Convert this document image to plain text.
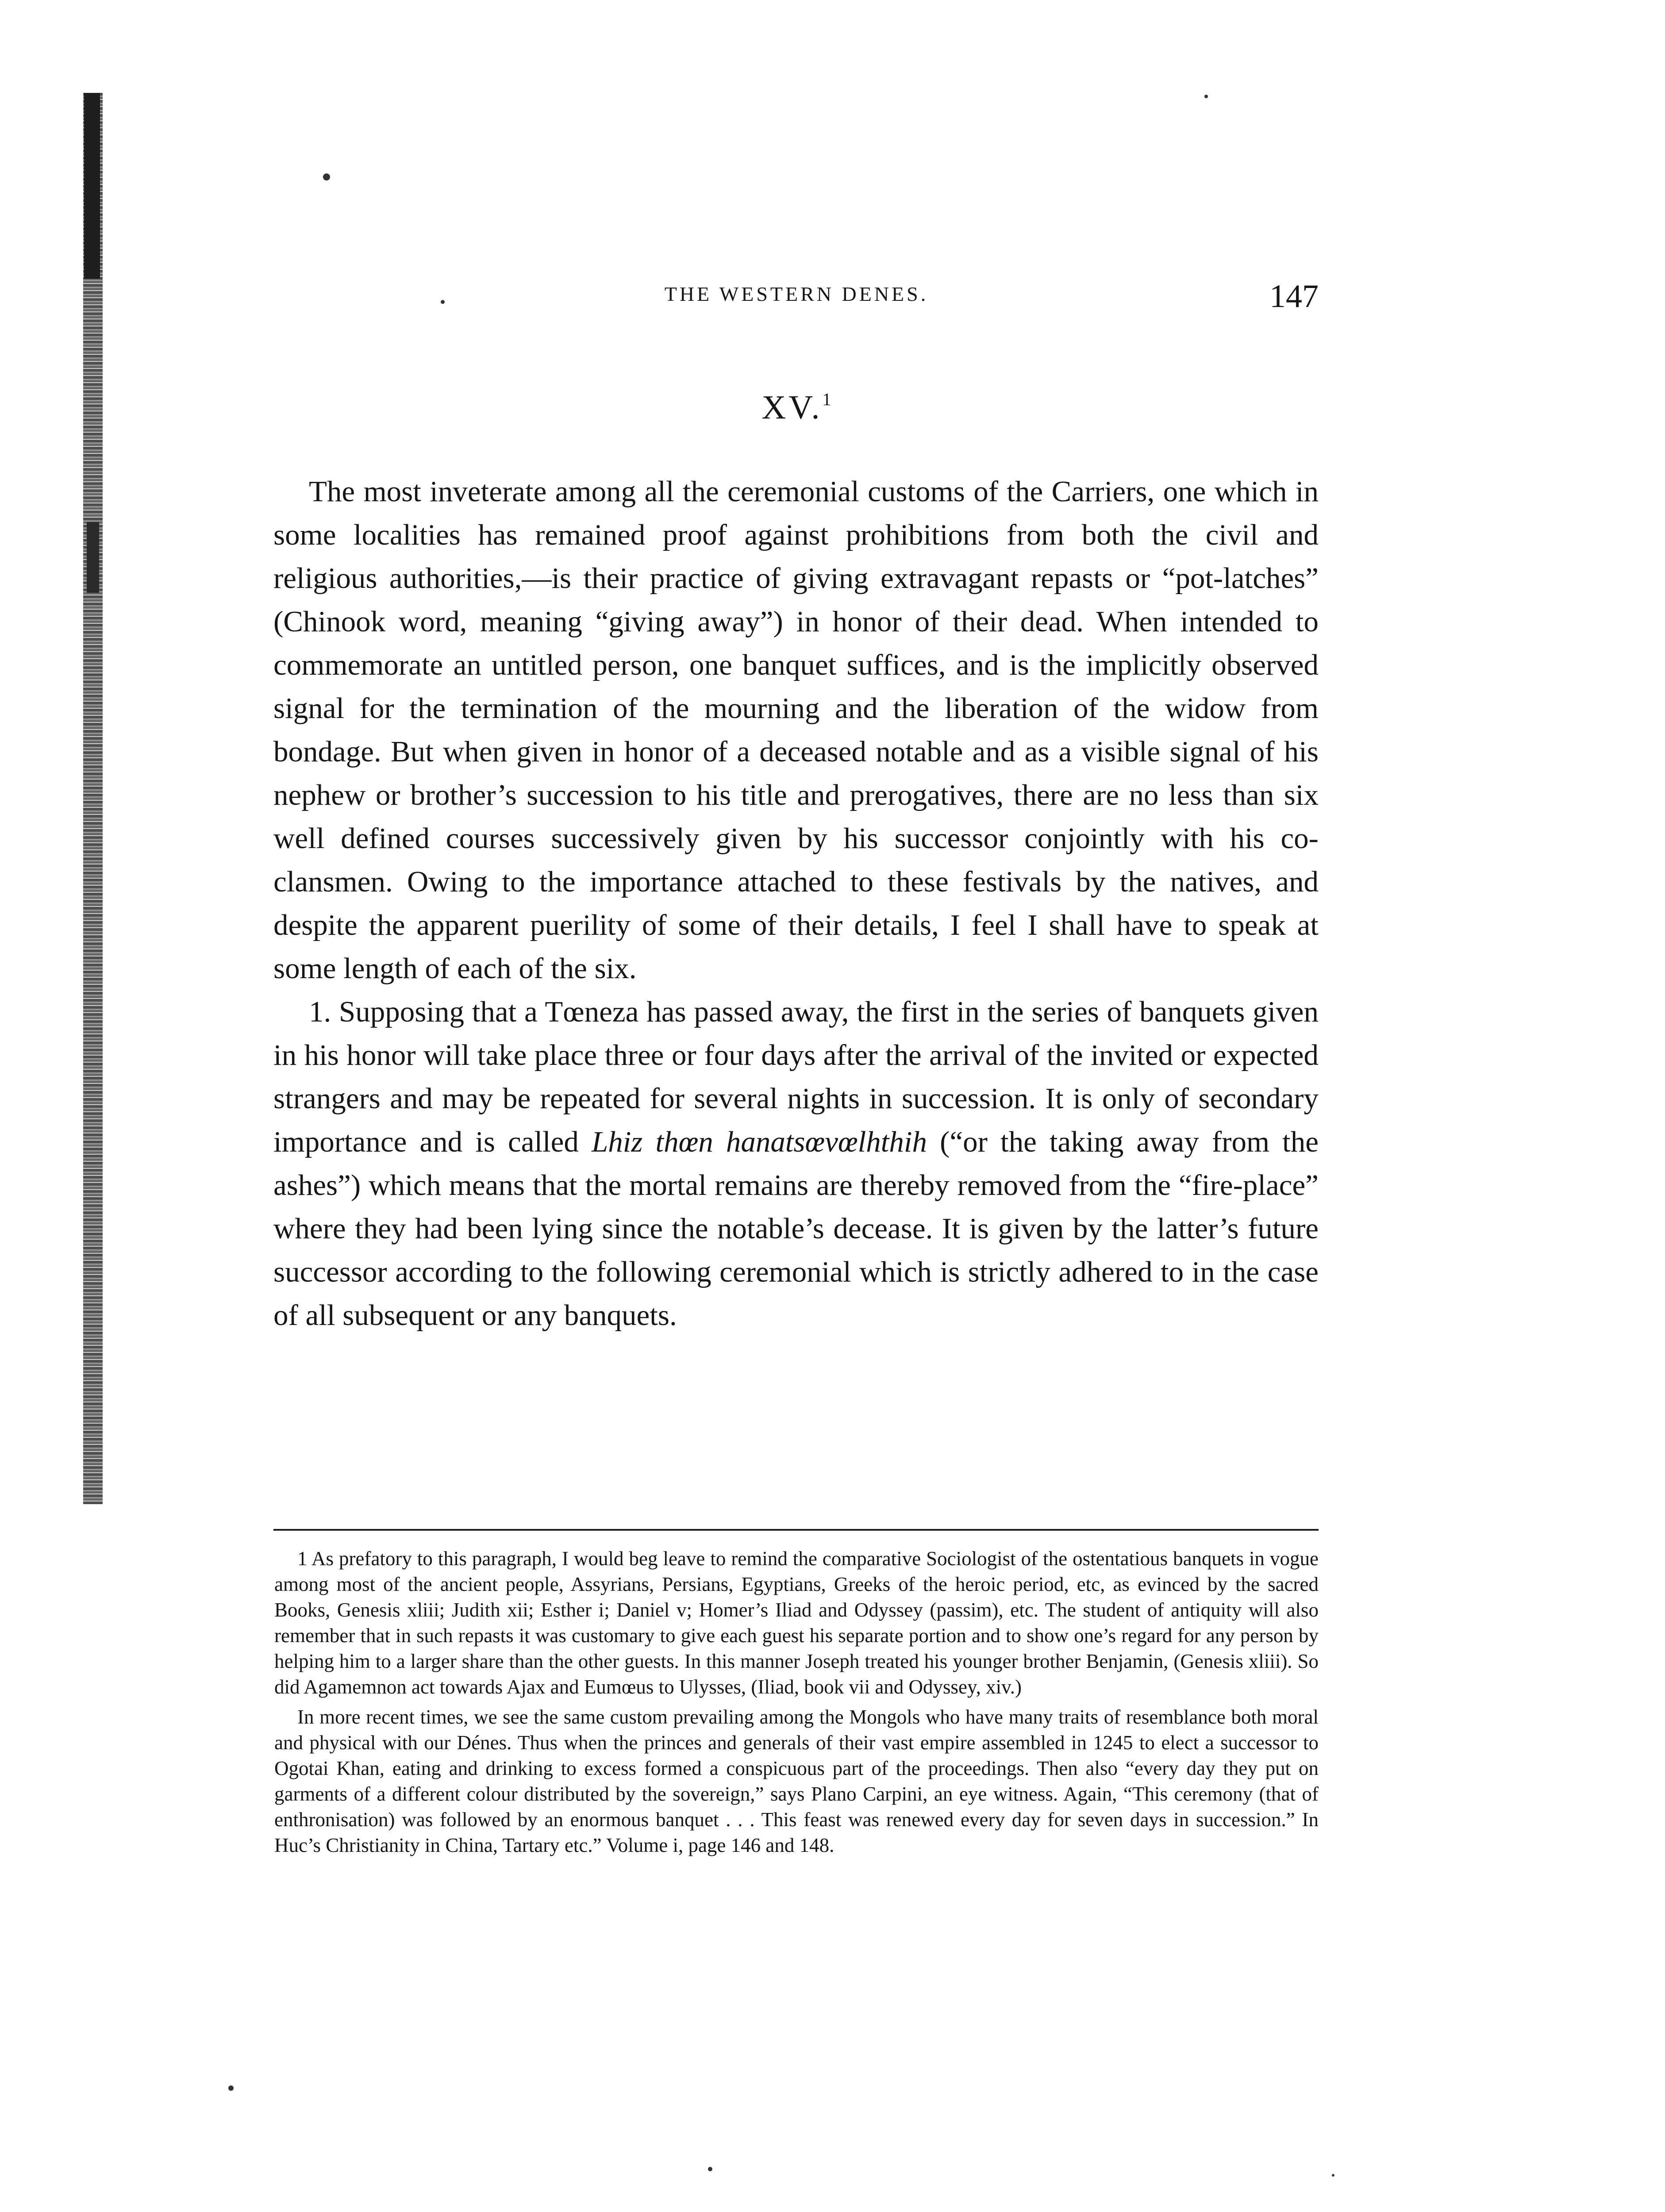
THE WESTERN DENES.	147
XV.$^1$

The most inveterate among all the ceremonial customs of the Carriers, one which in some localities has remained proof against prohibitions from both the civil and religious authorities,—is their practice of giving extravagant repasts or “pot-latches” (Chinook word, meaning “giving away”) in honor of their dead. When intended to commemorate an untitled person, one banquet suffices, and is the implicitly observed signal for the termination of the mourning and the liberation of the widow from bondage. But when given in honor of a deceased notable and as a visible signal of his nephew or brother’s succession to his title and prerogatives, there are no less than six well defined courses successively given by his successor conjointly with his co-clansmen. Owing to the importance attached to these festivals by the natives, and despite the apparent puerility of some of their details, I feel I shall have to speak at some length of each of the six.

1. Supposing that a Tœneza has passed away, the first in the series of banquets given in his honor will take place three or four days after the arrival of the invited or expected strangers and may be repeated for several nights in succession. It is only of secondary importance and is called Lhiz thœn hanatsœvœlhthih (“or the taking away from the ashes”) which means that the mortal remains are thereby removed from the “fire-place” where they had been lying since the notable’s decease. It is given by the latter’s future successor according to the following ceremonial which is strictly adhered to in the case of all subsequent or any banquets.

1 As prefatory to this paragraph, I would beg leave to remind the comparative Sociologist of the ostentatious banquets in vogue among most of the ancient people, Assyrians, Persians, Egyptians, Greeks of the heroic period, etc, as evinced by the sacred Books, Genesis xliii; Judith xii; Esther i; Daniel v; Homer’s Iliad and Odyssey (passim), etc. The student of antiquity will also remember that in such repasts it was customary to give each guest his separate portion and to show one’s regard for any person by helping him to a larger share than the other guests. In this manner Joseph treated his younger brother Benjamin, (Genesis xliii). So did Agamemnon act towards Ajax and Eumœus to Ulysses, (Iliad, book vii and Odyssey, xiv.)

In more recent times, we see the same custom prevailing among the Mongols who have many traits of resemblance both moral and physical with our Dénes. Thus when the princes and generals of their vast empire assembled in 1245 to elect a successor to Ogotai Khan, eating and drinking to excess formed a conspicuous part of the proceedings. Then also “every day they put on garments of a different colour distributed by the sovereign,” says Plano Carpini, an eye witness. Again, “This ceremony (that of enthronisation) was followed by an enormous banquet . . . This feast was renewed every day for seven days in succession.” In Huc’s Christianity in China, Tartary etc.” Volume i, page 146 and 148.
